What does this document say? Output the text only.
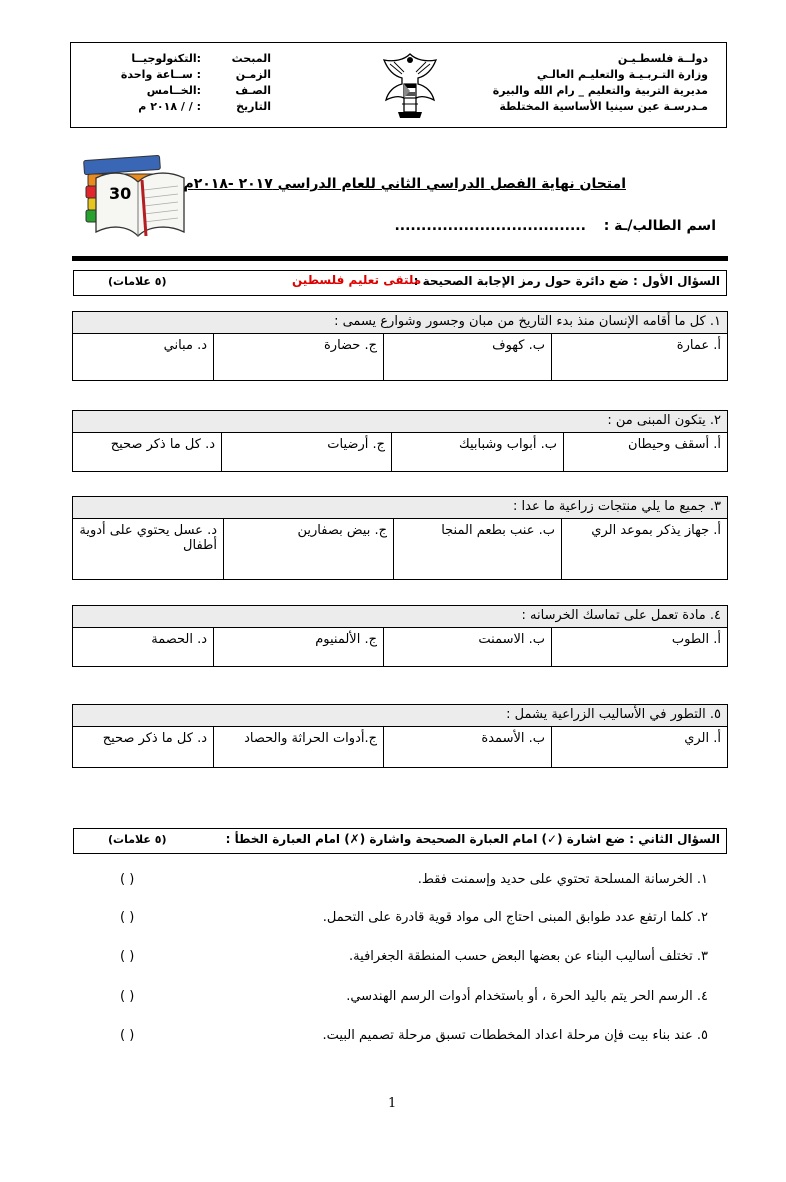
دولــة فلسطـيـن
وزارة التـربـيـة والتعليـم العالـي
مديرية التربية والتعليم _ رام الله والبيرة
مـدرسـة عين سينيا الأساسية المختلطة
المبحث
:التكنولوجيــا
الزمـن
: ســاعة واحدة
الصـف
:الخــامس
التاريخ
: / / ٢٠١٨ م
30	امتحان نهاية الفصل الدراسي الثاني للعام الدراسي ٢٠١٧ -٢٠١٨م
اسم الطالب/ـة :  ....................................
السؤال الأول : ضع دائرة حول رمز الإجابة الصحيحة :
ملتقى تعليم فلسطين
(٥ علامات)
١. كل ما أقامه الإنسان منذ بدء التاريخ من مبان وجسور وشوارع يسمى :
أ. عمارة
ب. كهوف
ج. حضارة
د. مباني
٢. يتكون المبنى من :
أ. أسقف وحيطان
ب. أبواب وشبابيك
ج. أرضيات
د. كل ما ذكر صحيح
٣. جميع ما يلي منتجات زراعية ما عدا :
أ. جهاز يذكر بموعد الري
ب. عنب بطعم المنجا
ج. بيض بصفارين
د. عسل يحتوي على أدوية أطفال
٤. مادة تعمل على تماسك الخرسانه :
أ. الطوب
ب. الاسمنت
ج. الألمنيوم
د. الحصمة
٥. التطور في الأساليب الزراعية يشمل :
أ. الري
ب. الأسمدة
ج.أدوات الحراثة والحصاد
د. كل ما ذكر صحيح
السؤال الثاني : ضع اشارة (✓) امام العبارة الصحيحة واشارة (✗) امام العبارة الخطأ :
(٥ علامات)
١. الخرسانة المسلحة تحتوي على حديد وإسمنت فقط.
( )
٢. كلما ارتفع عدد طوابق المبنى احتاج الى مواد قوية قادرة على التحمل.
( )
٣. تختلف أساليب البناء عن بعضها البعض حسب المنطقة الجغرافية.
( )
٤. الرسم الحر يتم باليد الحرة ، أو باستخدام أدوات الرسم الهندسي.
( )
٥. عند بناء بيت فإن مرحلة اعداد المخططات تسبق مرحلة تصميم البيت.
( )
1
